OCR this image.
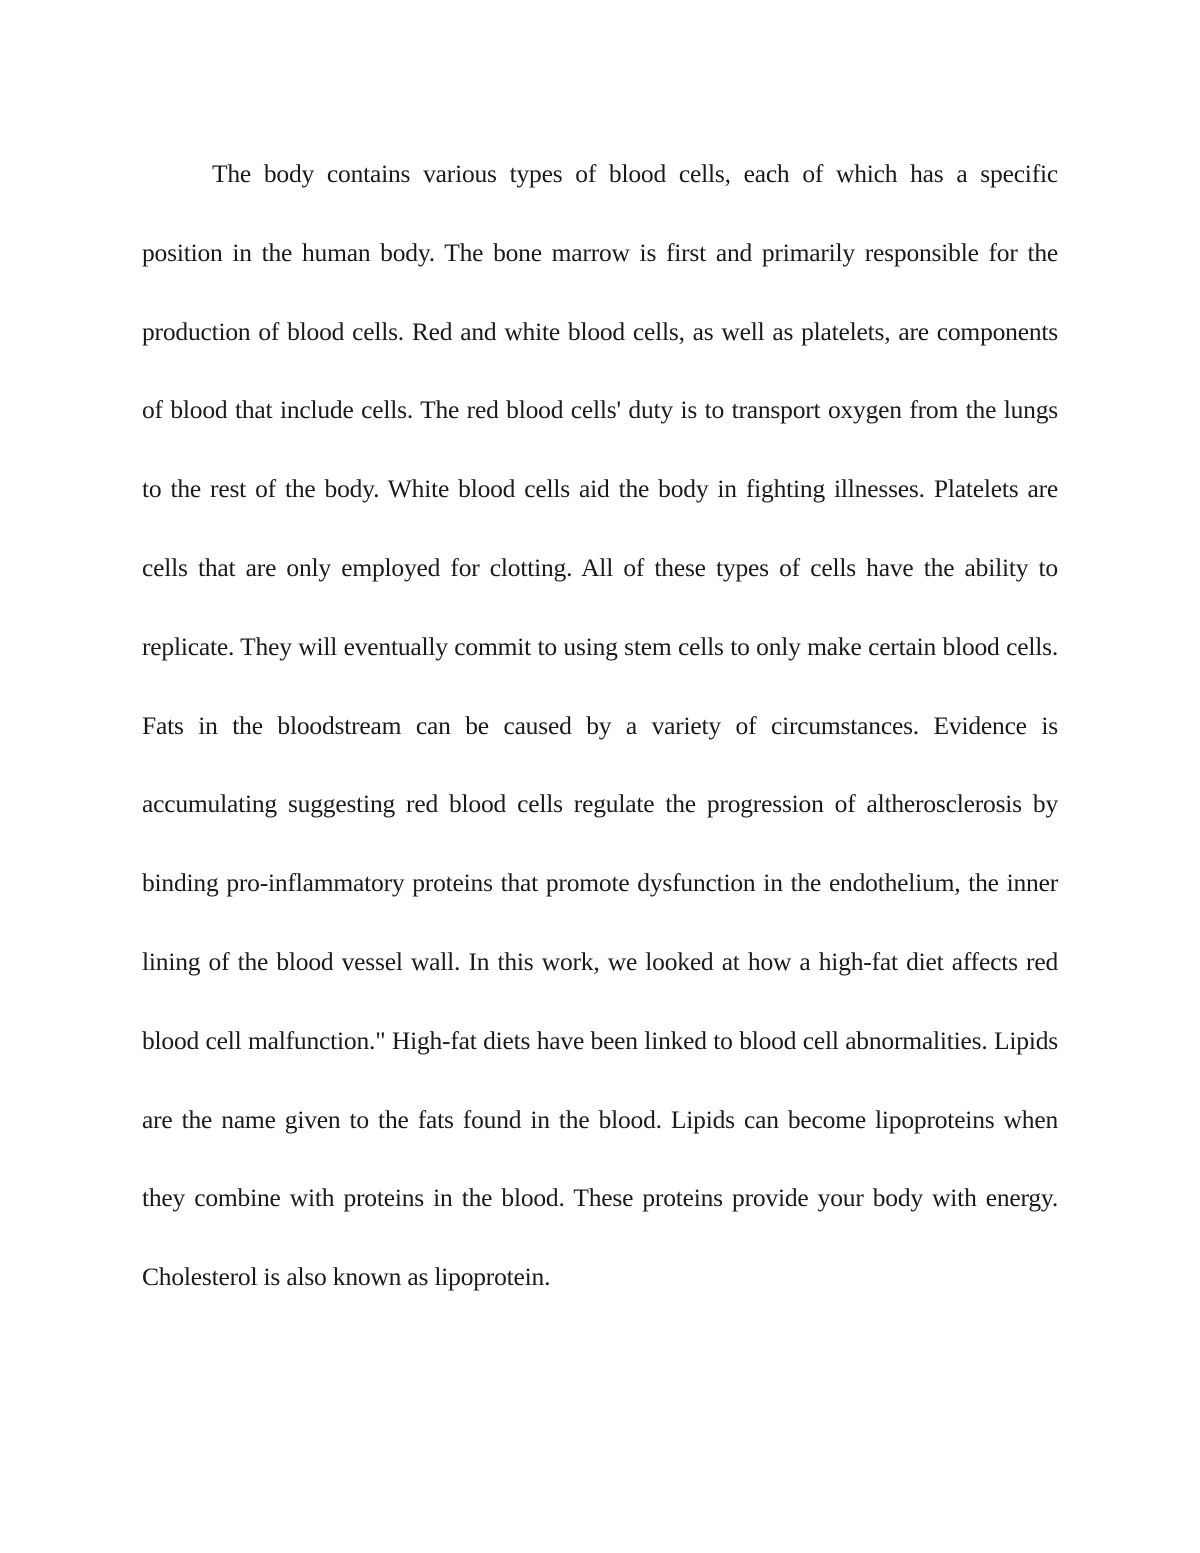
The body contains various types of blood cells, each of which has a specific position in the human body. The bone marrow is first and primarily responsible for the production of blood cells. Red and white blood cells, as well as platelets, are components of blood that include cells. The red blood cells' duty is to transport oxygen from the lungs to the rest of the body. White blood cells aid the body in fighting illnesses. Platelets are cells that are only employed for clotting. All of these types of cells have the ability to replicate. They will eventually commit to using stem cells to only make certain blood cells. Fats in the bloodstream can be caused by a variety of circumstances. Evidence is accumulating suggesting red blood cells regulate the progression of altherosclerosis by binding pro-inflammatory proteins that promote dysfunction in the endothelium, the inner lining of the blood vessel wall. In this work, we looked at how a high-fat diet affects red blood cell malfunction." High-fat diets have been linked to blood cell abnormalities. Lipids are the name given to the fats found in the blood. Lipids can become lipoproteins when they combine with proteins in the blood. These proteins provide your body with energy. Cholesterol is also known as lipoprotein.
